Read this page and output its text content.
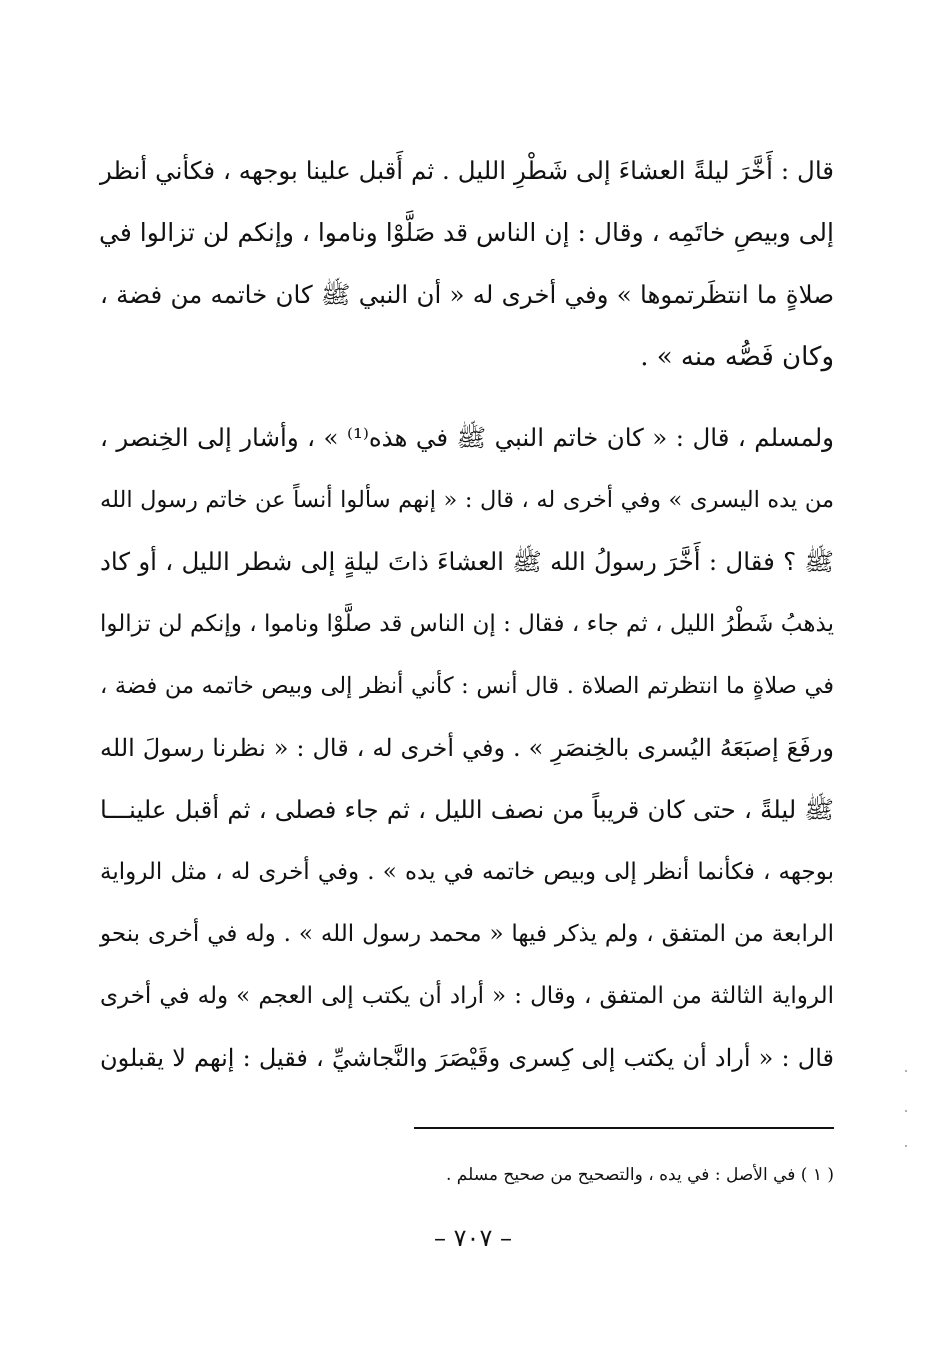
قال : أَخَّرَ ليلةً العشاءَ إلى شَطْرِ الليل . ثم أَقبل علينا بوجهه ، فكأني أنظر
إلى وبيصِ خاتَمِه ، وقال : إن الناس قد صَلَّوْا وناموا ، وإنكم لن تزالوا في
صلاةٍ ما انتظَرتموها » وفي أخرى له « أن النبي ﷺ كان خاتمه من فضة ،
وكان فَصُّه منه » .
ولمسلم ، قال : « كان خاتم النبي ﷺ في هذه⁽¹⁾ » ، وأشار إلى الخِنصر ،
من يده اليسرى » وفي أخرى له ، قال : « إنهم سألوا أنساً عن خاتم رسول الله
ﷺ ؟ فقال : أَخَّرَ رسولُ الله ﷺ العشاءَ ذاتَ ليلةٍ إلى شطر الليل ، أو كاد
يذهبُ شَطْرُ الليل ، ثم جاء ، فقال : إن الناس قد صلَّوْا وناموا ، وإنكم لن تزالوا
في صلاةٍ ما انتظرتم الصلاة . قال أنس : كأني أنظر إلى وبيص خاتمه من فضة ،
ورفَعَ إصبَعَهُ اليُسرى بالخِنصَرِ » . وفي أخرى له ، قال : « نظرنا رسولَ الله
ﷺ ليلةً ، حتى كان قريباً من نصف الليل ، ثم جاء فصلى ، ثم أقبل علينـــا
بوجهه ، فكأنما أنظر إلى وبيص خاتمه في يده » . وفي أخرى له ، مثل الرواية
الرابعة من المتفق ، ولم يذكر فيها « محمد رسول الله » . وله في أخرى بنحو
الرواية الثالثة من المتفق ، وقال : « أراد أن يكتب إلى العجم » وله في أخرى
قال : « أراد أن يكتب إلى كِسرى وقَيْصَرَ والنَّجاشيِّ ، فقيل : إنهم لا يقبلون
( ١ ) في الأصل : في يده ، والتصحيح من صحيح مسلم .
– ٧٠٧ –
